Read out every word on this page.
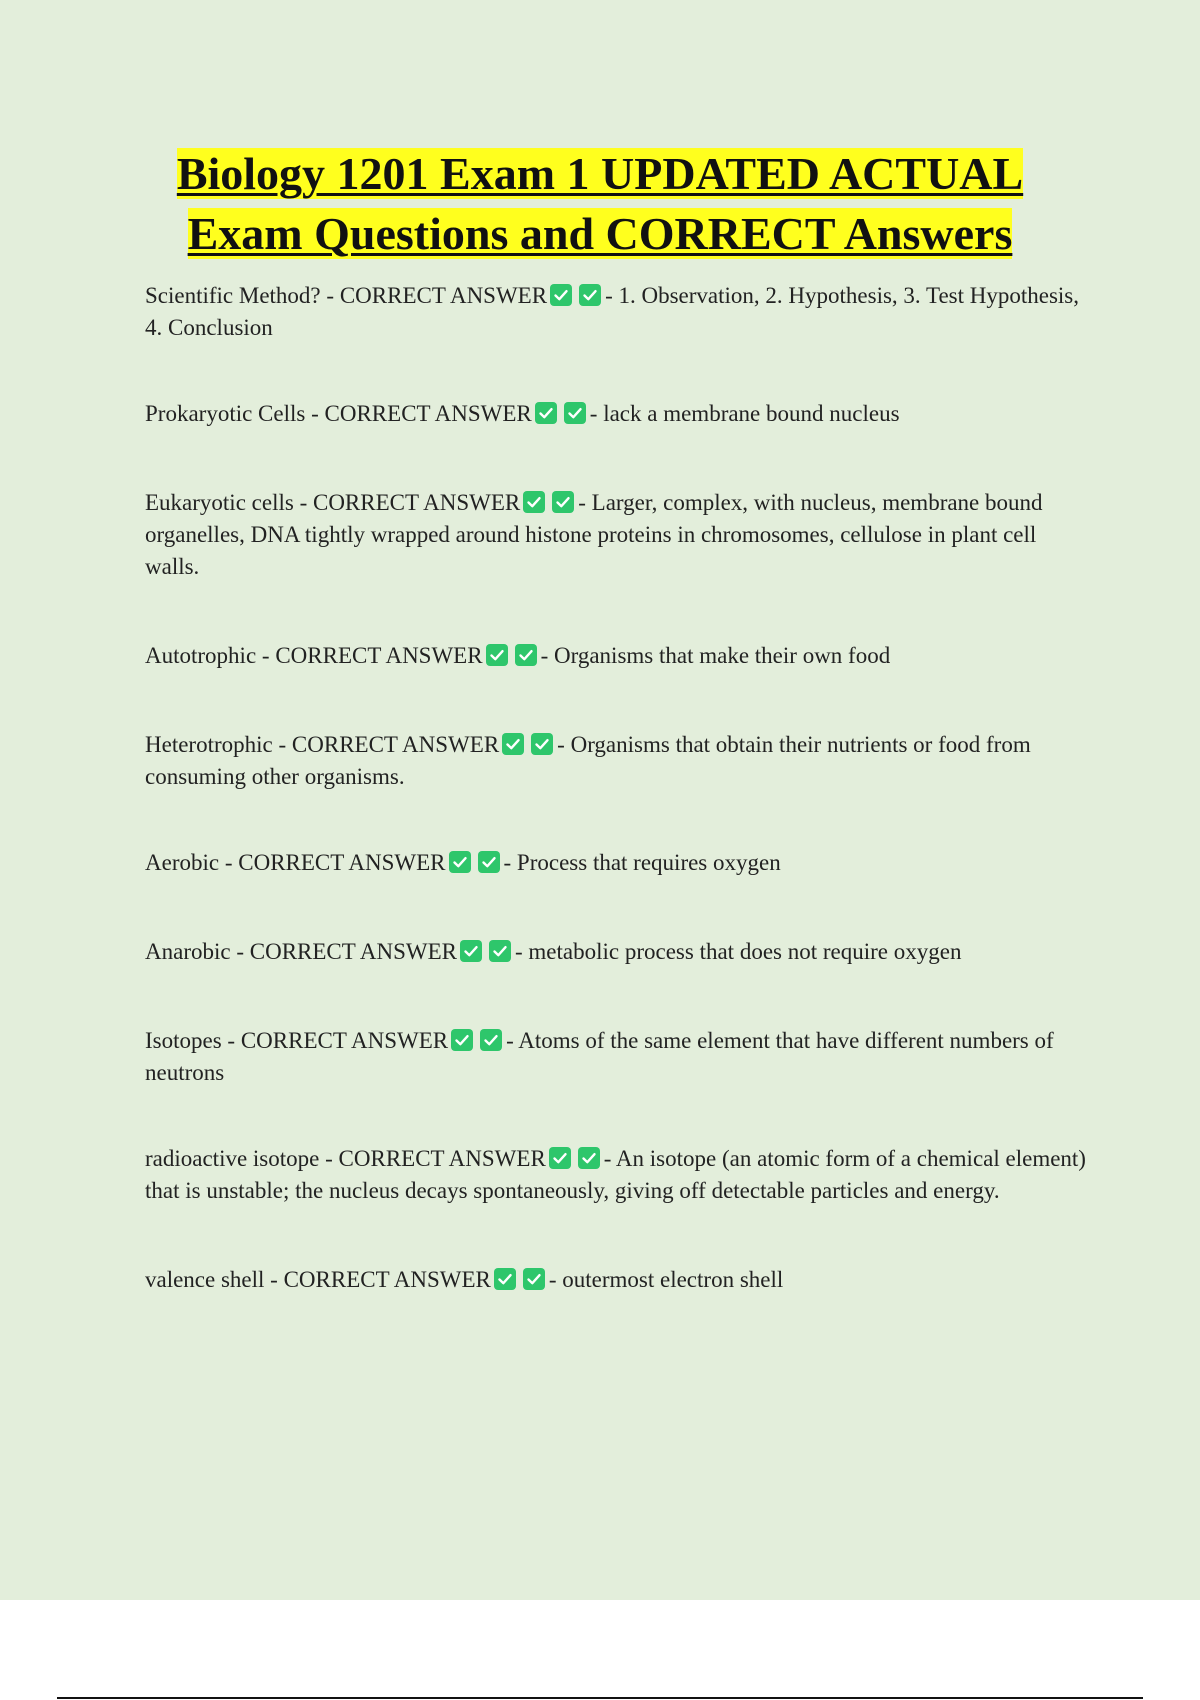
Biology 1201 Exam 1 UPDATED ACTUAL
Exam Questions and CORRECT Answers
Scientific Method? - CORRECT ANSWER	- 1. Observation, 2. Hypothesis, 3. Test Hypothesis, 4. Conclusion
Prokaryotic Cells - CORRECT ANSWER	- lack a membrane bound nucleus
Eukaryotic cells - CORRECT ANSWER	- Larger, complex, with nucleus, membrane bound organelles, DNA tightly wrapped around histone proteins in chromosomes, cellulose in plant cell walls.
Autotrophic - CORRECT ANSWER	- Organisms that make their own food
Heterotrophic - CORRECT ANSWER	- Organisms that obtain their nutrients or food from consuming other organisms.
Aerobic - CORRECT ANSWER	- Process that requires oxygen
Anarobic - CORRECT ANSWER	- metabolic process that does not require oxygen
Isotopes - CORRECT ANSWER	- Atoms of the same element that have different numbers of neutrons
radioactive isotope - CORRECT ANSWER	- An isotope (an atomic form of a chemical element) that is unstable; the nucleus decays spontaneously, giving off detectable particles and energy.
valence shell - CORRECT ANSWER	- outermost electron shell
